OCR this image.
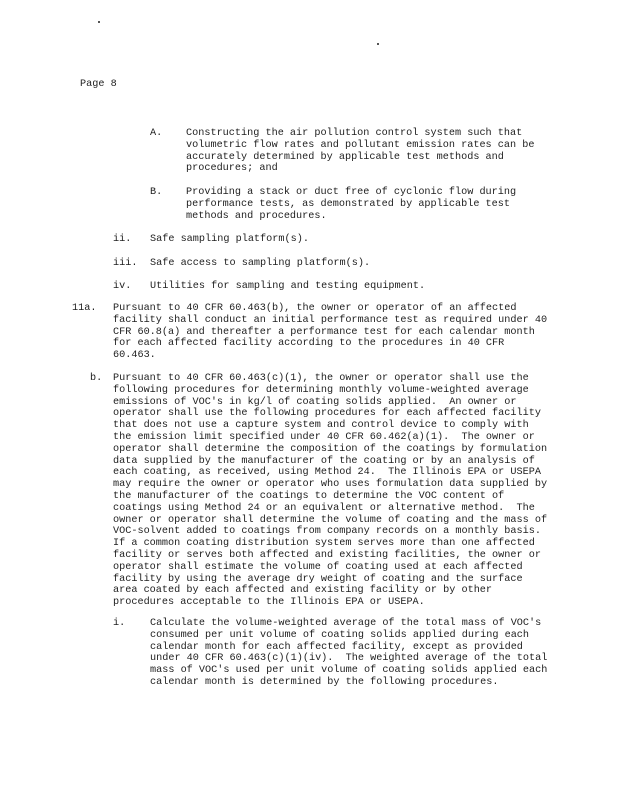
Page 8
A. Constructing the air pollution control system such that
volumetric flow rates and pollutant emission rates can be
accurately determined by applicable test methods and
procedures; and
B. Providing a stack or duct free of cyclonic flow during
performance tests, as demonstrated by applicable test
methods and procedures.
ii. Safe sampling platform(s).
iii. Safe access to sampling platform(s).
iv. Utilities for sampling and testing equipment.
11a. Pursuant to 40 CFR 60.463(b), the owner or operator of an affected
facility shall conduct an initial performance test as required under 40
CFR 60.8(a) and thereafter a performance test for each calendar month
for each affected facility according to the procedures in 40 CFR
60.463.
b. Pursuant to 40 CFR 60.463(c)(1), the owner or operator shall use the
following procedures for determining monthly volume-weighted average
emissions of VOC's in kg/l of coating solids applied.  An owner or
operator shall use the following procedures for each affected facility
that does not use a capture system and control device to comply with
the emission limit specified under 40 CFR 60.462(a)(1).  The owner or
operator shall determine the composition of the coatings by formulation
data supplied by the manufacturer of the coating or by an analysis of
each coating, as received, using Method 24.  The Illinois EPA or USEPA
may require the owner or operator who uses formulation data supplied by
the manufacturer of the coatings to determine the VOC content of
coatings using Method 24 or an equivalent or alternative method.  The
owner or operator shall determine the volume of coating and the mass of
VOC-solvent added to coatings from company records on a monthly basis.
If a common coating distribution system serves more than one affected
facility or serves both affected and existing facilities, the owner or
operator shall estimate the volume of coating used at each affected
facility by using the average dry weight of coating and the surface
area coated by each affected and existing facility or by other
procedures acceptable to the Illinois EPA or USEPA.
i. Calculate the volume-weighted average of the total mass of VOC's
consumed per unit volume of coating solids applied during each
calendar month for each affected facility, except as provided
under 40 CFR 60.463(c)(1)(iv).  The weighted average of the total
mass of VOC's used per unit volume of coating solids applied each
calendar month is determined by the following procedures.
